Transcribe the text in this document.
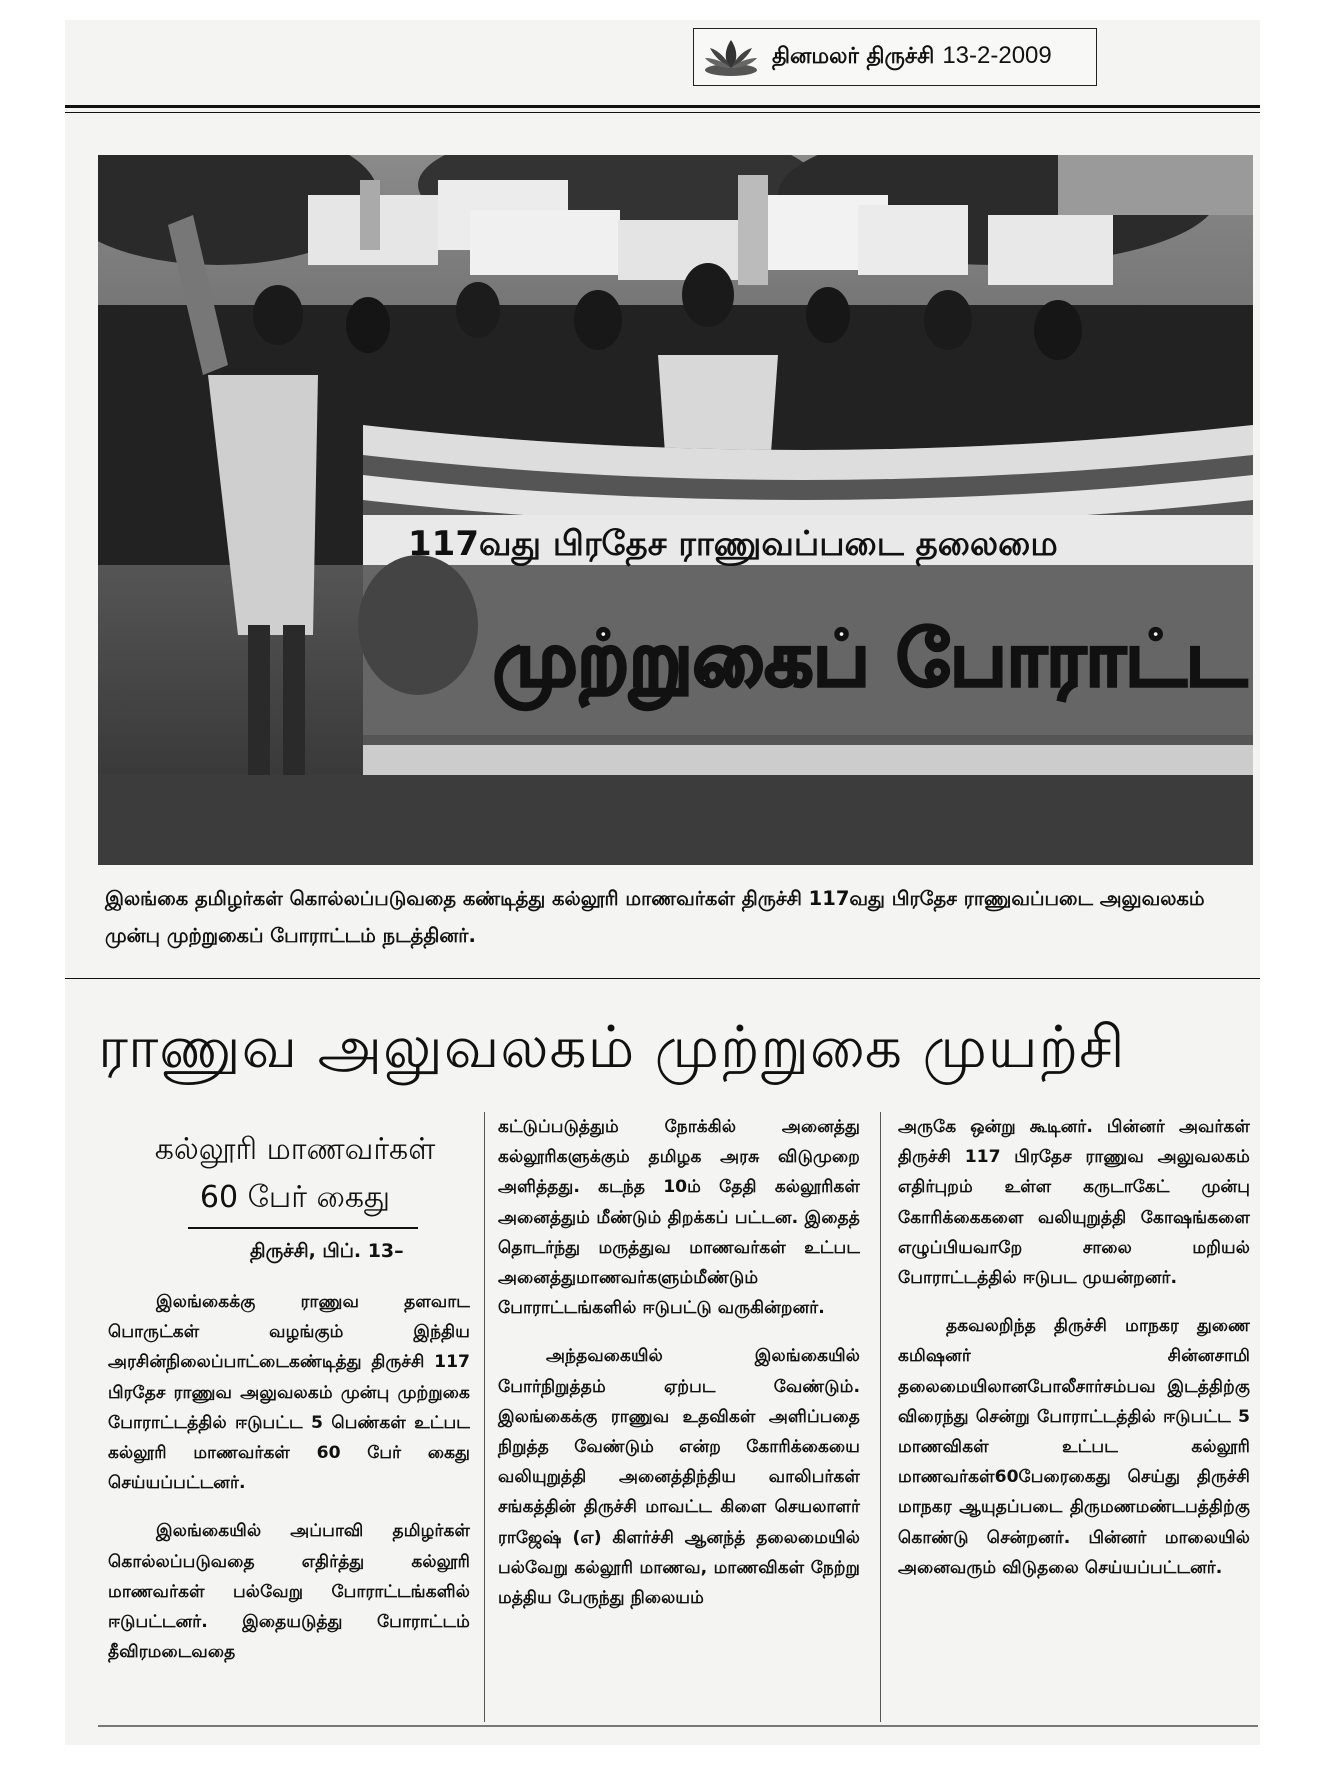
தினமலர் திருச்சி 13-2-2009
117வது பிரதேச ராணுவப்படை தலைமை
முற்றுகைப் போராட்ட
இலங்கை தமிழர்கள் கொல்லப்படுவதை கண்டித்து கல்லூரி மாணவர்கள் திருச்சி 117வது பிரதேச ராணுவப்படை அலுவலகம் முன்பு முற்றுகைப் போராட்டம் நடத்தினர்.
ராணுவ அலுவலகம் முற்றுகை முயற்சி
கல்லூரி மாணவர்கள்
60 பேர் கைது
திருச்சி, பிப். 13–

இலங்கைக்கு ராணுவ தளவாட பொருட்கள் வழங்கும் இந்திய அரசின்நிலைப்பாட்டைகண்டித்து திருச்சி 117 பிரதேச ராணுவ அலுவலகம் முன்பு முற்றுகை போராட்டத்தில் ஈடுபட்ட 5 பெண்கள் உட்பட கல்லூரி மாணவர்கள் 60 பேர் கைது செய்யப்பட்டனர்.

இலங்கையில் அப்பாவி தமிழர்கள் கொல்லப்படுவதை எதிர்த்து கல்லூரி மாணவர்கள் பல்வேறு போராட்டங்களில் ஈடுபட்டனர். இதையடுத்து போராட்டம் தீவிரமடைவதை

கட்டுப்படுத்தும் நோக்கில் அனைத்து கல்லூரிகளுக்கும் தமிழக அரசு விடுமுறை அளித்தது. கடந்த 10ம் தேதி கல்லூரிகள் அனைத்தும் மீண்டும் திறக்கப் பட்டன. இதைத் தொடர்ந்து மருத்துவ மாணவர்கள் உட்பட அனைத்துமாணவர்களும்மீண்டும் போராட்டங்களில் ஈடுபட்டு வருகின்றனர்.

அந்தவகையில் இலங்கையில் போர்நிறுத்தம் ஏற்பட வேண்டும். இலங்கைக்கு ராணுவ உதவிகள் அளிப்பதை நிறுத்த வேண்டும் என்ற கோரிக்கையை வலியுறுத்தி அனைத்திந்திய வாலிபர்கள் சங்கத்தின் திருச்சி மாவட்ட கிளை செயலாளர் ராஜேஷ் (எ) கிளர்ச்சி ஆனந்த் தலைமையில் பல்வேறு கல்லூரி மாணவ, மாணவிகள் நேற்று மத்திய பேருந்து நிலையம்

அருகே ஒன்று கூடினர். பின்னர் அவர்கள் திருச்சி 117 பிரதேச ராணுவ அலுவலகம் எதிர்புறம் உள்ள கருடாகேட் முன்பு கோரிக்கைகளை வலியுறுத்தி கோஷங்களை எழுப்பியவாறே சாலை மறியல் போராட்டத்தில் ஈடுபட முயன்றனர்.

தகவலறிந்த திருச்சி மாநகர துணை கமிஷனர் சின்னசாமி தலைமையிலானபோலீசார்சம்பவ இடத்திற்கு விரைந்து சென்று போராட்டத்தில் ஈடுபட்ட 5 மாணவிகள் உட்பட கல்லூரி மாணவர்கள்60பேரைகைது செய்து திருச்சி மாநகர ஆயுதப்படை திருமணமண்டபத்திற்கு கொண்டு சென்றனர். பின்னர் மாலையில் அனைவரும் விடுதலை செய்யப்பட்டனர்.
